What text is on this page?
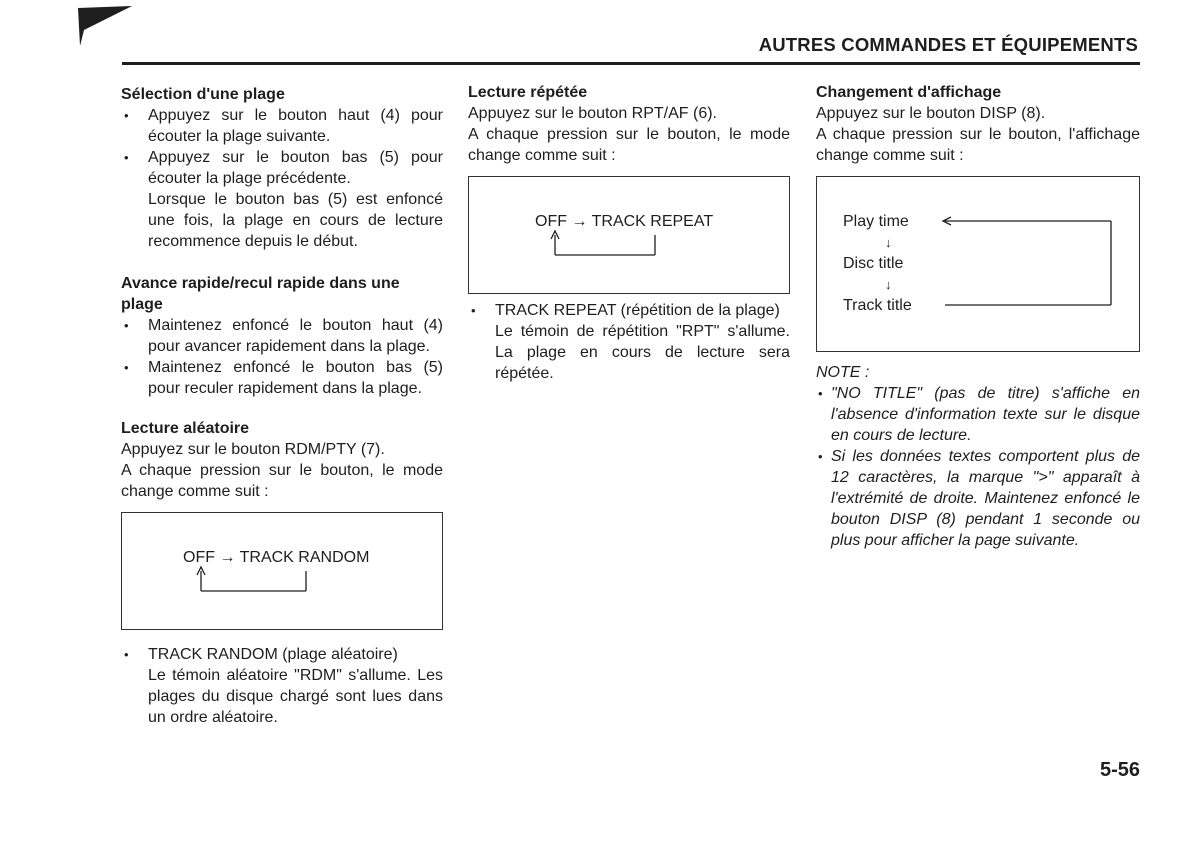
AUTRES COMMANDES ET ÉQUIPEMENTS
Sélection d'une plage
• Appuyez sur le bouton haut (4) pour écouter la plage suivante.
• Appuyez sur le bouton bas (5) pour écouter la plage précédente.
Lorsque le bouton bas (5) est enfoncé une fois, la plage en cours de lecture recommence depuis le début.
Avance rapide/recul rapide dans une plage
• Maintenez enfoncé le bouton haut (4) pour avancer rapidement dans la plage.
• Maintenez enfoncé le bouton bas (5) pour reculer rapidement dans la plage.
Lecture aléatoire

Appuyez sur le bouton RDM/PTY (7).

A chaque pression sur le bouton, le mode change comme suit :

OFF → TRACK RANDOM
• TRACK RANDOM (plage aléatoire)
Le témoin aléatoire "RDM" s'allume. Les plages du disque chargé sont lues dans un ordre aléatoire.
Lecture répétée

Appuyez sur le bouton RPT/AF (6).

A chaque pression sur le bouton, le mode change comme suit :

OFF → TRACK REPEAT
• TRACK REPEAT (répétition de la plage)
Le témoin de répétition "RPT" s'allume. La plage en cours de lecture sera répétée.
Changement d'affichage

Appuyez sur le bouton DISP (8).

A chaque pression sur le bouton, l'affichage change comme suit :

Play time
↓
Disc title
↓
Track title

NOTE :

• "NO TITLE" (pas de titre) s'affiche en l'absence d'information texte sur le disque en cours de lecture.
• Si les données textes comportent plus de 12 caractères, la marque ">" apparaît à l'extrémité de droite. Maintenez enfoncé le bouton DISP (8) pendant 1 seconde ou plus pour afficher la page suivante.
5-56
